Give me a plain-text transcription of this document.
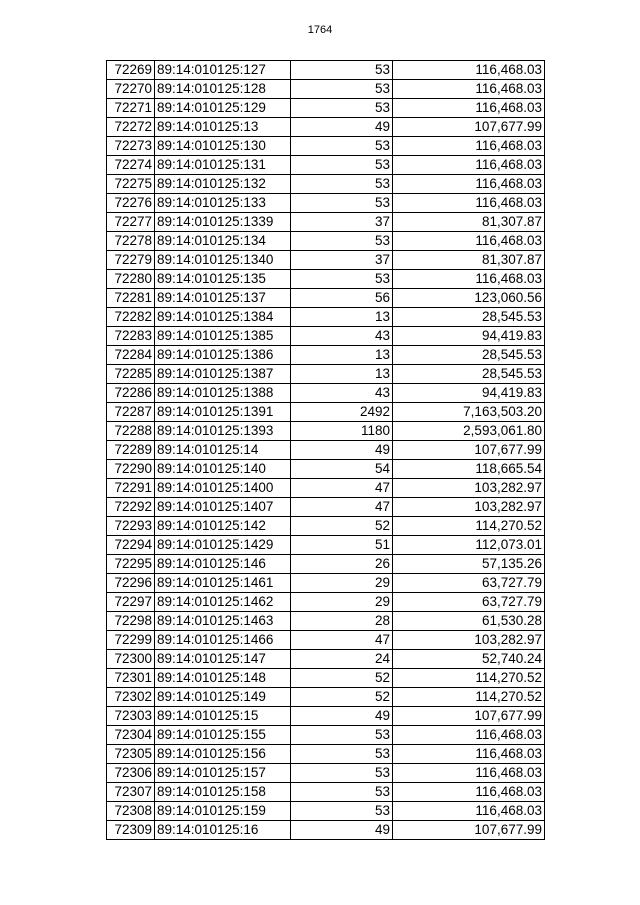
1764
72269	89:14:010125:127	53	116,468.03
72270	89:14:010125:128	53	116,468.03
72271	89:14:010125:129	53	116,468.03
72272	89:14:010125:13	49	107,677.99
72273	89:14:010125:130	53	116,468.03
72274	89:14:010125:131	53	116,468.03
72275	89:14:010125:132	53	116,468.03
72276	89:14:010125:133	53	116,468.03
72277	89:14:010125:1339	37	81,307.87
72278	89:14:010125:134	53	116,468.03
72279	89:14:010125:1340	37	81,307.87
72280	89:14:010125:135	53	116,468.03
72281	89:14:010125:137	56	123,060.56
72282	89:14:010125:1384	13	28,545.53
72283	89:14:010125:1385	43	94,419.83
72284	89:14:010125:1386	13	28,545.53
72285	89:14:010125:1387	13	28,545.53
72286	89:14:010125:1388	43	94,419.83
72287	89:14:010125:1391	2492	7,163,503.20
72288	89:14:010125:1393	1180	2,593,061.80
72289	89:14:010125:14	49	107,677.99
72290	89:14:010125:140	54	118,665.54
72291	89:14:010125:1400	47	103,282.97
72292	89:14:010125:1407	47	103,282.97
72293	89:14:010125:142	52	114,270.52
72294	89:14:010125:1429	51	112,073.01
72295	89:14:010125:146	26	57,135.26
72296	89:14:010125:1461	29	63,727.79
72297	89:14:010125:1462	29	63,727.79
72298	89:14:010125:1463	28	61,530.28
72299	89:14:010125:1466	47	103,282.97
72300	89:14:010125:147	24	52,740.24
72301	89:14:010125:148	52	114,270.52
72302	89:14:010125:149	52	114,270.52
72303	89:14:010125:15	49	107,677.99
72304	89:14:010125:155	53	116,468.03
72305	89:14:010125:156	53	116,468.03
72306	89:14:010125:157	53	116,468.03
72307	89:14:010125:158	53	116,468.03
72308	89:14:010125:159	53	116,468.03
72309	89:14:010125:16	49	107,677.99
